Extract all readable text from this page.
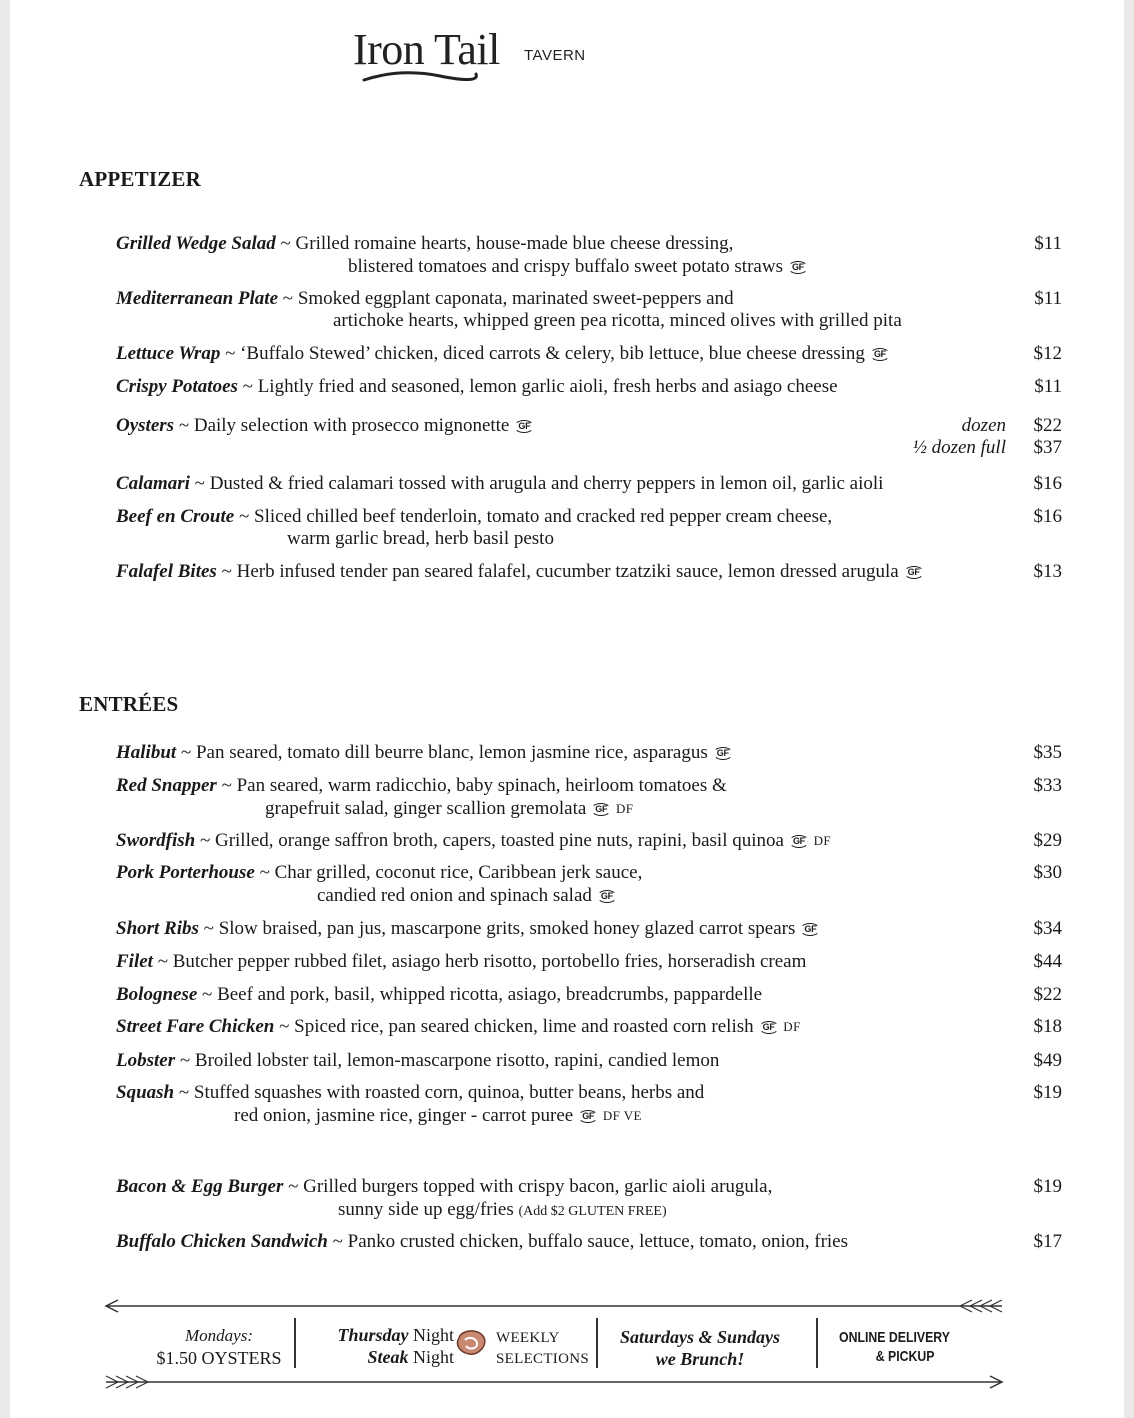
Iron Tail TAVERN
APPETIZER
Grilled Wedge Salad ~ Grilled romaine hearts, house-made blue cheese dressing,
blistered tomatoes and crispy buffalo sweet potato straws GF
$11
Mediterranean Plate ~ Smoked eggplant caponata, marinated sweet-peppers and
artichoke hearts, whipped green pea ricotta, minced olives with grilled pita
$11
Lettuce Wrap ~ ‘Buffalo Stewed’ chicken, diced carrots & celery, bib lettuce, blue cheese dressing GF	$12
Crispy Potatoes ~ Lightly fried and seasoned, lemon garlic aioli, fresh herbs and asiago cheese	$11
Oysters ~ Daily selection with prosecco mignonette GF	dozen $22
½ dozen full $37
Calamari ~ Dusted & fried calamari tossed with arugula and cherry peppers in lemon oil, garlic aioli	$16
Beef en Croute ~ Sliced chilled beef tenderloin, tomato and cracked red pepper cream cheese,
warm garlic bread, herb basil pesto
$16
Falafel Bites ~ Herb infused tender pan seared falafel, cucumber tzatziki sauce, lemon dressed arugula GF	$13
ENTRÉES
Halibut ~ Pan seared, tomato dill beurre blanc, lemon jasmine rice, asparagus GF	$35
Red Snapper ~ Pan seared, warm radicchio, baby spinach, heirloom tomatoes &
grapefruit salad, ginger scallion gremolata GF DF
$33
Swordfish ~ Grilled, orange saffron broth, capers, toasted pine nuts, rapini, basil quinoa GF DF	$29
Pork Porterhouse ~ Char grilled, coconut rice, Caribbean jerk sauce,
candied red onion and spinach salad GF
$30
Short Ribs ~ Slow braised, pan jus, mascarpone grits, smoked honey glazed carrot spears GF	$34
Filet ~ Butcher pepper rubbed filet, asiago herb risotto, portobello fries, horseradish cream	$44
Bolognese ~ Beef and pork, basil, whipped ricotta, asiago, breadcrumbs, pappardelle	$22
Street Fare Chicken ~ Spiced rice, pan seared chicken, lime and roasted corn relish GF DF	$18
Lobster ~ Broiled lobster tail, lemon-mascarpone risotto, rapini, candied lemon	$49
Squash ~ Stuffed squashes with roasted corn, quinoa, butter beans, herbs and
red onion, jasmine rice, ginger - carrot puree GF DF VE
$19
Bacon & Egg Burger ~ Grilled burgers topped with crispy bacon, garlic aioli arugula,
sunny side up egg/fries (Add $2 GLUTEN FREE)
$19
Buffalo Chicken Sandwich ~ Panko crusted chicken, buffalo sauce, lettuce, tomato, onion, fries	$17
Mondays:
$1.50 OYSTERS
Thursday Night
Steak Night
WEEKLY
SELECTIONS
Saturdays & Sundays
we Brunch!
ONLINE DELIVERY
& PICKUP
